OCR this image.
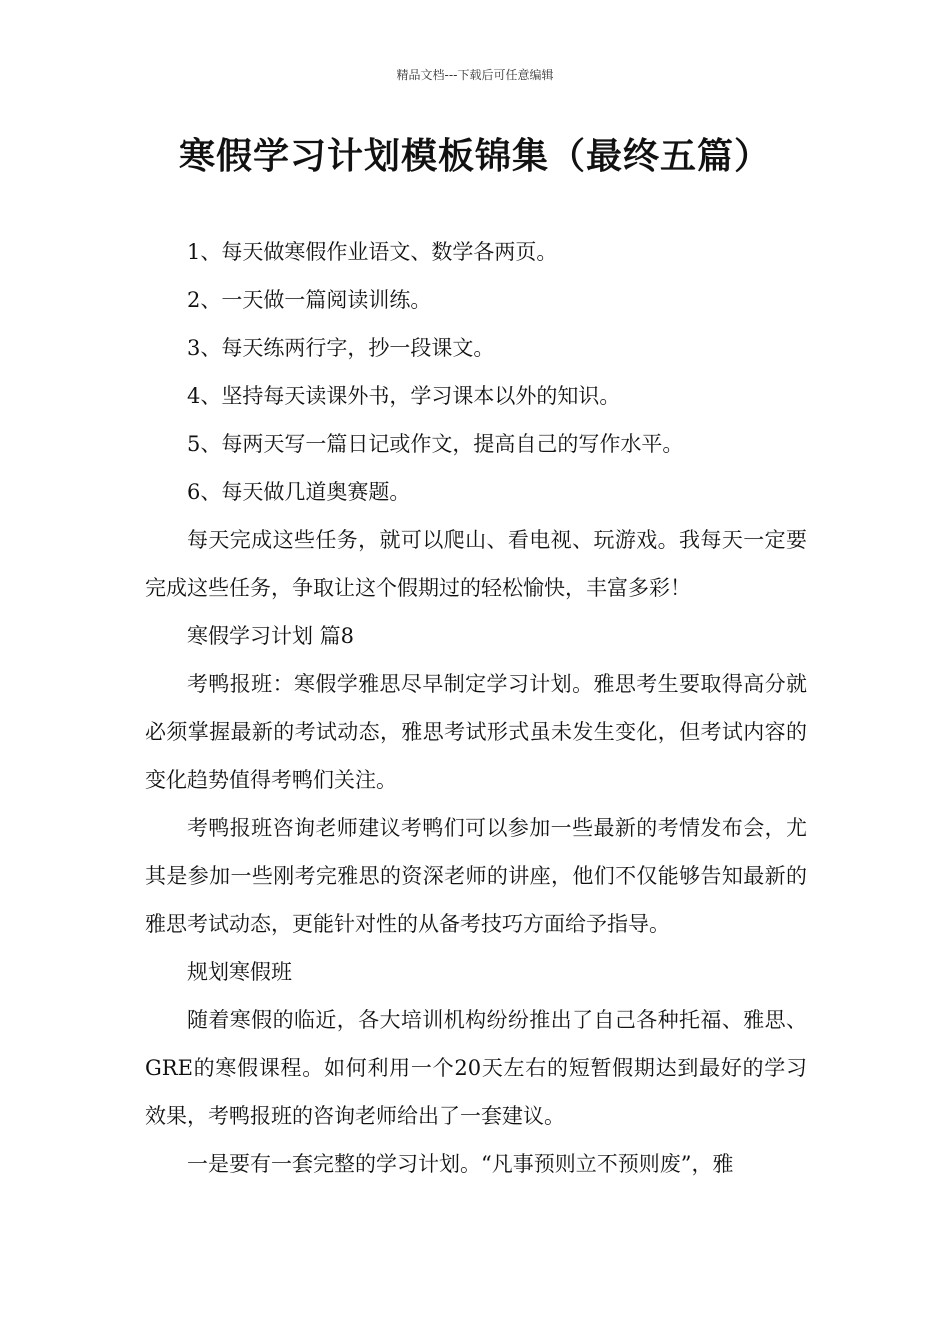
精品文档---下载后可任意编辑
寒假学习计划模板锦集（最终五篇）

1、每天做寒假作业语文、数学各两页。

2、一天做一篇阅读训练。

3、每天练两行字，抄一段课文。

4、坚持每天读课外书，学习课本以外的知识。

5、每两天写一篇日记或作文，提高自己的写作水平。

6、每天做几道奥赛题。

每天完成这些任务，就可以爬山、看电视、玩游戏。我每天一定要完成这些任务，争取让这个假期过的轻松愉快，丰富多彩！

寒假学习计划 篇8

考鸭报班：寒假学雅思尽早制定学习计划。雅思考生要取得高分就必须掌握最新的考试动态，雅思考试形式虽未发生变化，但考试内容的变化趋势值得考鸭们关注。

考鸭报班咨询老师建议考鸭们可以参加一些最新的考情发布会，尤其是参加一些刚考完雅思的资深老师的讲座，他们不仅能够告知最新的雅思考试动态，更能针对性的从备考技巧方面给予指导。

规划寒假班

随着寒假的临近，各大培训机构纷纷推出了自己各种托福、雅思、GRE的寒假课程。如何利用一个20天左右的短暂假期达到最好的学习效果，考鸭报班的咨询老师给出了一套建议。

一是要有一套完整的学习计划。“凡事预则立不预则废”，雅
